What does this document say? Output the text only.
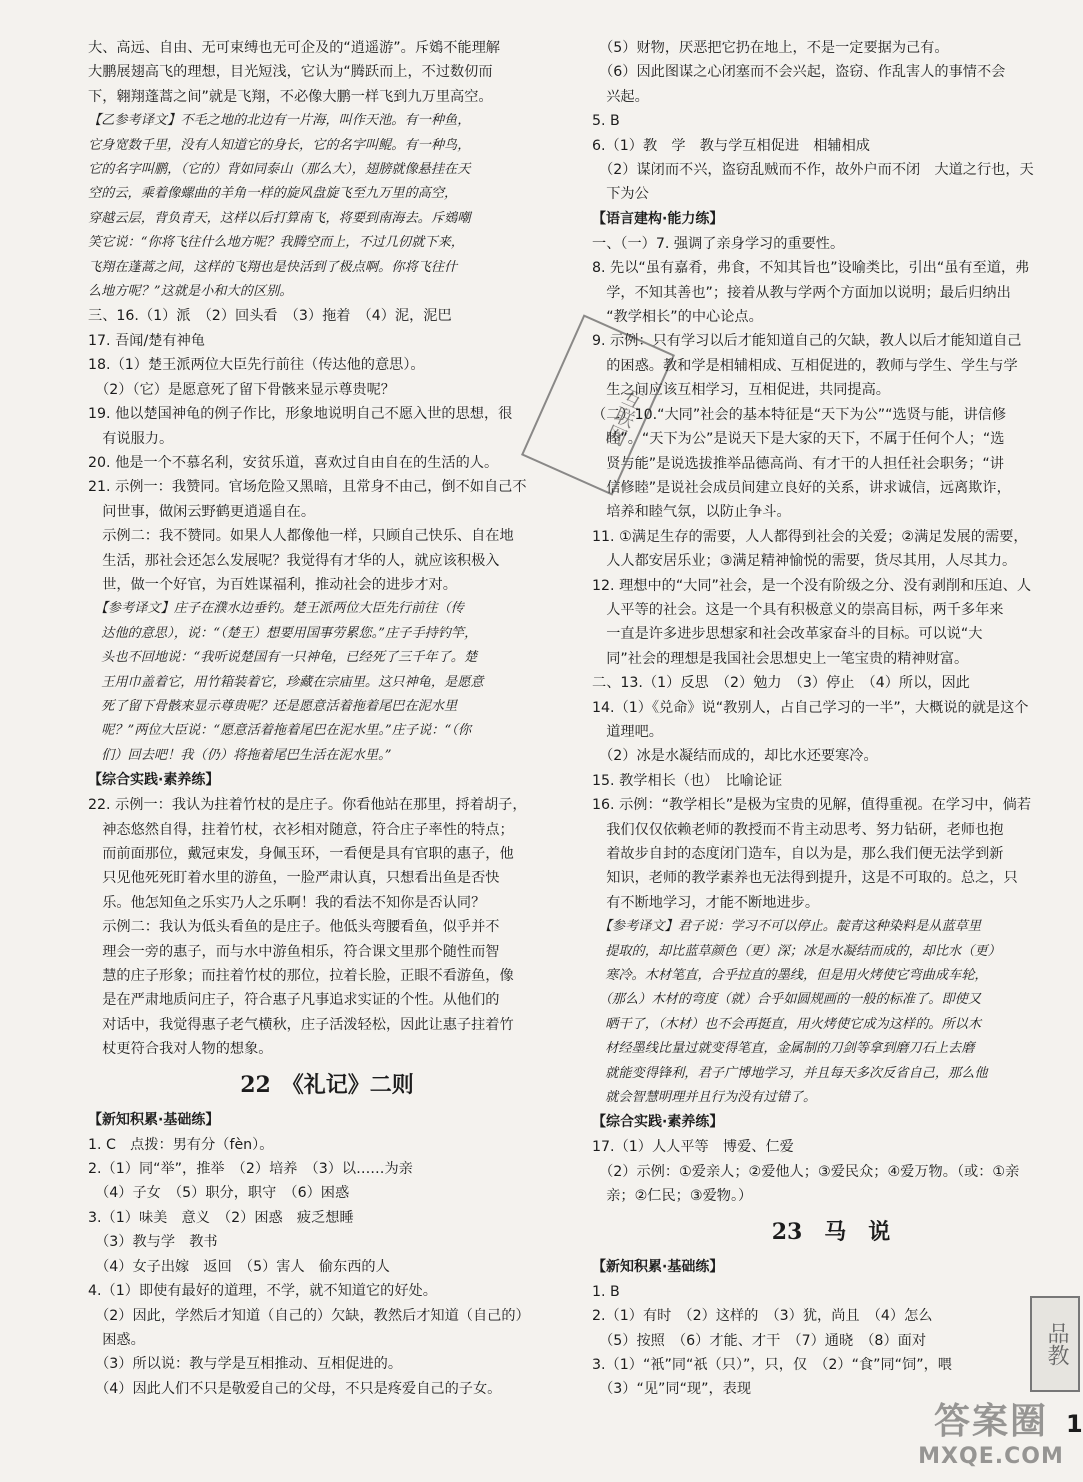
大、高远、自由、无可束缚也无可企及的“逍遥游”。斥鴳不能理解
大鹏展翅高飞的理想，目光短浅，它认为“腾跃而上，不过数仞而
下，翱翔蓬蒿之间”就是飞翔，不必像大鹏一样飞到九万里高空。
【乙参考译文】不毛之地的北边有一片海，叫作天池。有一种鱼，
它身宽数千里，没有人知道它的身长，它的名字叫鲲。有一种鸟，
它的名字叫鹏，（它的）背如同泰山（那么大），翅膀就像悬挂在天
空的云，乘着像螺曲的羊角一样的旋风盘旋飞至九万里的高空，
穿越云层，背负青天，这样以后打算南飞，将要到南海去。斥鴳嘲
笑它说：“你将飞往什么地方呢？我腾空而上，不过几仞就下来，
飞翔在蓬蒿之间，这样的飞翔也是快活到了极点啊。你将飞往什
么地方呢？”这就是小和大的区别。
三、16.（1）派　（2）回头看　（3）拖着　（4）泥，泥巴
17. 吾闻/楚有神龟
18.（1）楚王派两位大臣先行前往（传达他的意思）。
　（2）（它）是愿意死了留下骨骸来显示尊贵呢？
19. 他以楚国神龟的例子作比，形象地说明自己不愿入世的思想，很
　有说服力。
20. 他是一个不慕名利，安贫乐道，喜欢过自由自在的生活的人。
21. 示例一：我赞同。官场危险又黑暗，且常身不由己，倒不如自己不
　问世事，做闲云野鹤更逍遥自在。
　示例二：我不赞同。如果人人都像他一样，只顾自己快乐、自在地
　生活，那社会还怎么发展呢？我觉得有才华的人，就应该积极入
　世，做一个好官，为百姓谋福利，推动社会的进步才对。
　【参考译文】庄子在濮水边垂钓。楚王派两位大臣先行前往（传
　达他的意思），说：“（楚王）想要用国事劳累您。”庄子手持钓竿，
　头也不回地说：“我听说楚国有一只神龟，已经死了三千年了。楚
　王用巾盖着它，用竹箱装着它，珍藏在宗庙里。这只神龟，是愿意
　死了留下骨骸来显示尊贵呢？还是愿意活着拖着尾巴在泥水里
　呢？”两位大臣说：“愿意活着拖着尾巴在泥水里。”庄子说：“（你
　们）回去吧！我（仍）将拖着尾巴生活在泥水里。”
【综合实践·素养练】
22. 示例一：我认为拄着竹杖的是庄子。你看他站在那里，捋着胡子，
　神态悠然自得，拄着竹杖，衣衫相对随意，符合庄子率性的特点；
　而前面那位，戴冠束发，身佩玉环，一看便是具有官职的惠子，他
　只见他死死盯着水里的游鱼，一脸严肃认真，只想看出鱼是否快
　乐。他怎知鱼之乐实乃人之乐啊！我的看法不知你是否认同？
　示例二：我认为低头看鱼的是庄子。他低头弯腰看鱼，似乎并不
　理会一旁的惠子，而与水中游鱼相乐，符合课文里那个随性而智
　慧的庄子形象；而拄着竹杖的那位，拉着长脸，正眼不看游鱼，像
　是在严肃地质问庄子，符合惠子凡事追求实证的个性。从他们的
　对话中，我觉得惠子老气横秋，庄子活泼轻松，因此让惠子拄着竹
　杖更符合我对人物的想象。
22　《礼记》二则
【新知积累·基础练】
1. C　点拨：男有分（fèn）。
2.（1）同“举”，推举　（2）培养　（3）以……为亲
　（4）子女　（5）职分，职守　（6）困惑
3.（1）味美　意义　（2）困惑　疲乏想睡
　（3）教与学　教书
　（4）女子出嫁　返回　（5）害人　偷东西的人
4.（1）即使有最好的道理，不学，就不知道它的好处。
　（2）因此，学然后才知道（自己的）欠缺，教然后才知道（自己的）
　困惑。
　（3）所以说：教与学是互相推动、互相促进的。
　（4）因此人们不只是敬爱自己的父母，不只是疼爱自己的子女。
　（5）财物，厌恶把它扔在地上，不是一定要据为己有。
　（6）因此图谋之心闭塞而不会兴起，盗窃、作乱害人的事情不会
　兴起。
5. B
6.（1）教　学　教与学互相促进　相辅相成
　（2）谋闭而不兴，盗窃乱贼而不作，故外户而不闭　大道之行也，天
　下为公
【语言建构·能力练】
一、（一）7. 强调了亲身学习的重要性。
8. 先以“虽有嘉肴，弗食，不知其旨也”设喻类比，引出“虽有至道，弗
　学，不知其善也”；接着从教与学两个方面加以说明；最后归纳出
　“教学相长”的中心论点。
9. 示例：只有学习以后才能知道自己的欠缺，教人以后才能知道自己
　的困惑。教和学是相辅相成、互相促进的，教师与学生、学生与学
　生之间应该互相学习，互相促进，共同提高。
（二）10.“大同”社会的基本特征是“天下为公”“选贤与能，讲信修
　睦”。“天下为公”是说天下是大家的天下，不属于任何个人；“选
　贤与能”是说选拔推举品德高尚、有才干的人担任社会职务；“讲
　信修睦”是说社会成员间建立良好的关系，讲求诚信，远离欺诈，
　培养和睦气氛，以防止争斗。
11. ①满足生存的需要，人人都得到社会的关爱；②满足发展的需要，
　人人都安居乐业；③满足精神愉悦的需要，货尽其用，人尽其力。
12. 理想中的“大同”社会，是一个没有阶级之分、没有剥削和压迫、人
　人平等的社会。这是一个具有积极意义的崇高目标，两千多年来
　一直是许多进步思想家和社会改革家奋斗的目标。可以说“大
　同”社会的理想是我国社会思想史上一笔宝贵的精神财富。
二、13.（1）反思　（2）勉力　（3）停止　（4）所以，因此
14.（1）《兑命》说“教别人，占自己学习的一半”，大概说的就是这个
　道理吧。
　（2）冰是水凝结而成的，却比水还要寒冷。
15. 教学相长（也）　比喻论证
16. 示例：“教学相长”是极为宝贵的见解，值得重视。在学习中，倘若
　我们仅仅依赖老师的教授而不肯主动思考、努力钻研，老师也抱
　着故步自封的态度闭门造车，自以为是，那么我们便无法学到新
　知识，老师的教学素养也无法得到提升，这是不可取的。总之，只
　有不断地学习，才能不断地进步。
　【参考译文】君子说：学习不可以停止。靛青这种染料是从蓝草里
　提取的，却比蓝草颜色（更）深；冰是水凝结而成的，却比水（更）
　寒冷。木材笔直，合乎拉直的墨线，但是用火烤使它弯曲成车轮，
　（那么）木材的弯度（就）合乎如圆规画的一般的标准了。即使又
　晒干了，（木材）也不会再挺直，用火烤使它成为这样的。所以木
　材经墨线比量过就变得笔直，金属制的刀剑等拿到磨刀石上去磨
　就能变得锋利，君子广博地学习，并且每天多次反省自己，那么他
　就会智慧明理并且行为没有过错了。
【综合实践·素养练】
17.（1）人人平等　博爱、仁爱
　（2）示例：①爱亲人；②爱他人；③爱民众；④爱万物。（或：①亲
　亲；②仁民；③爱物。）
23　马　说
【新知积累·基础练】
1. B
2.（1）有时　（2）这样的　（3）犹，尚且　（4）怎么
　（5）按照　（6）才能、才干　（7）通晓　（8）面对
3.（1）“衹”同“祇（只）”，只，仅　（2）“食”同“饲”，喂
　（3）“见”同“现”，表现
互联网
品教
答案圈
MXQE.COM
1
